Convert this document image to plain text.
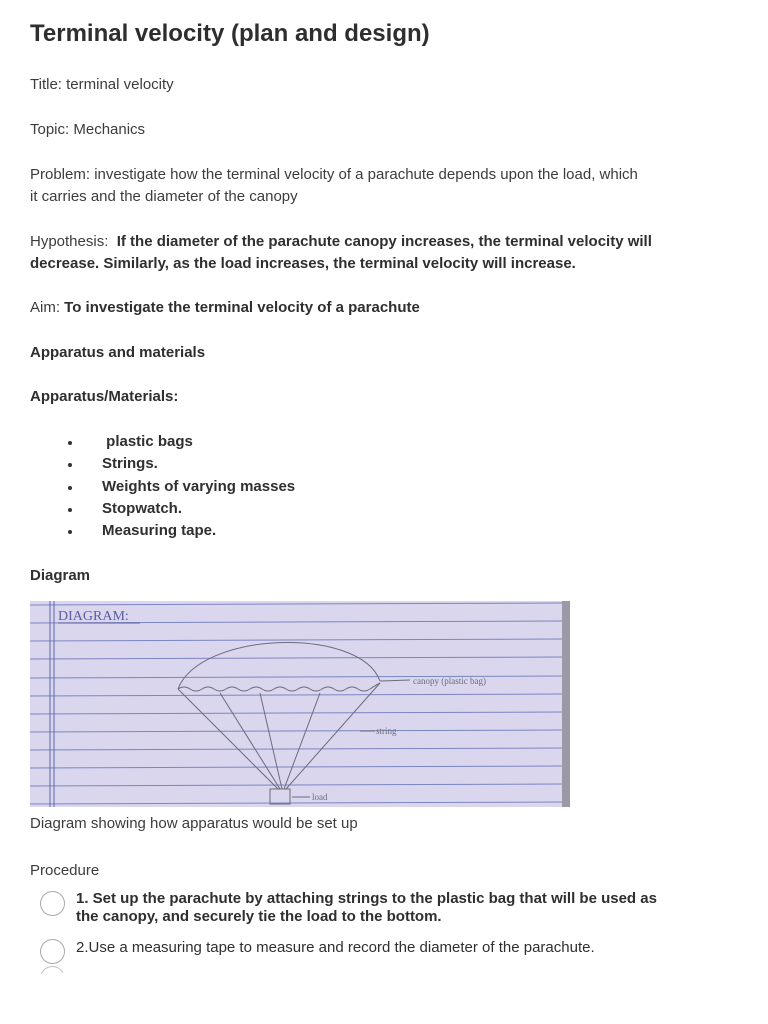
Terminal velocity (plan and design)
Title: terminal velocity
Topic: Mechanics
Problem: investigate how the terminal velocity of a parachute depends upon the load, which
it carries and the diameter of the canopy
Hypothesis: If the diameter of the parachute canopy increases, the terminal velocity will
decrease. Similarly, as the load increases, the terminal velocity will increase.
Aim: To investigate the terminal velocity of a parachute
Apparatus and materials
Apparatus/Materials:
plastic bags
Strings.
Weights of varying masses
Stopwatch.
Measuring tape.
Diagram
DIAGRAM:
canopy (plastic bag)
string
load
Diagram showing how apparatus would be set up
Procedure
1. Set up the parachute by attaching strings to the plastic bag that will be used as
the canopy, and securely tie the load to the bottom.
2.Use a measuring tape to measure and record the diameter of the parachute.
